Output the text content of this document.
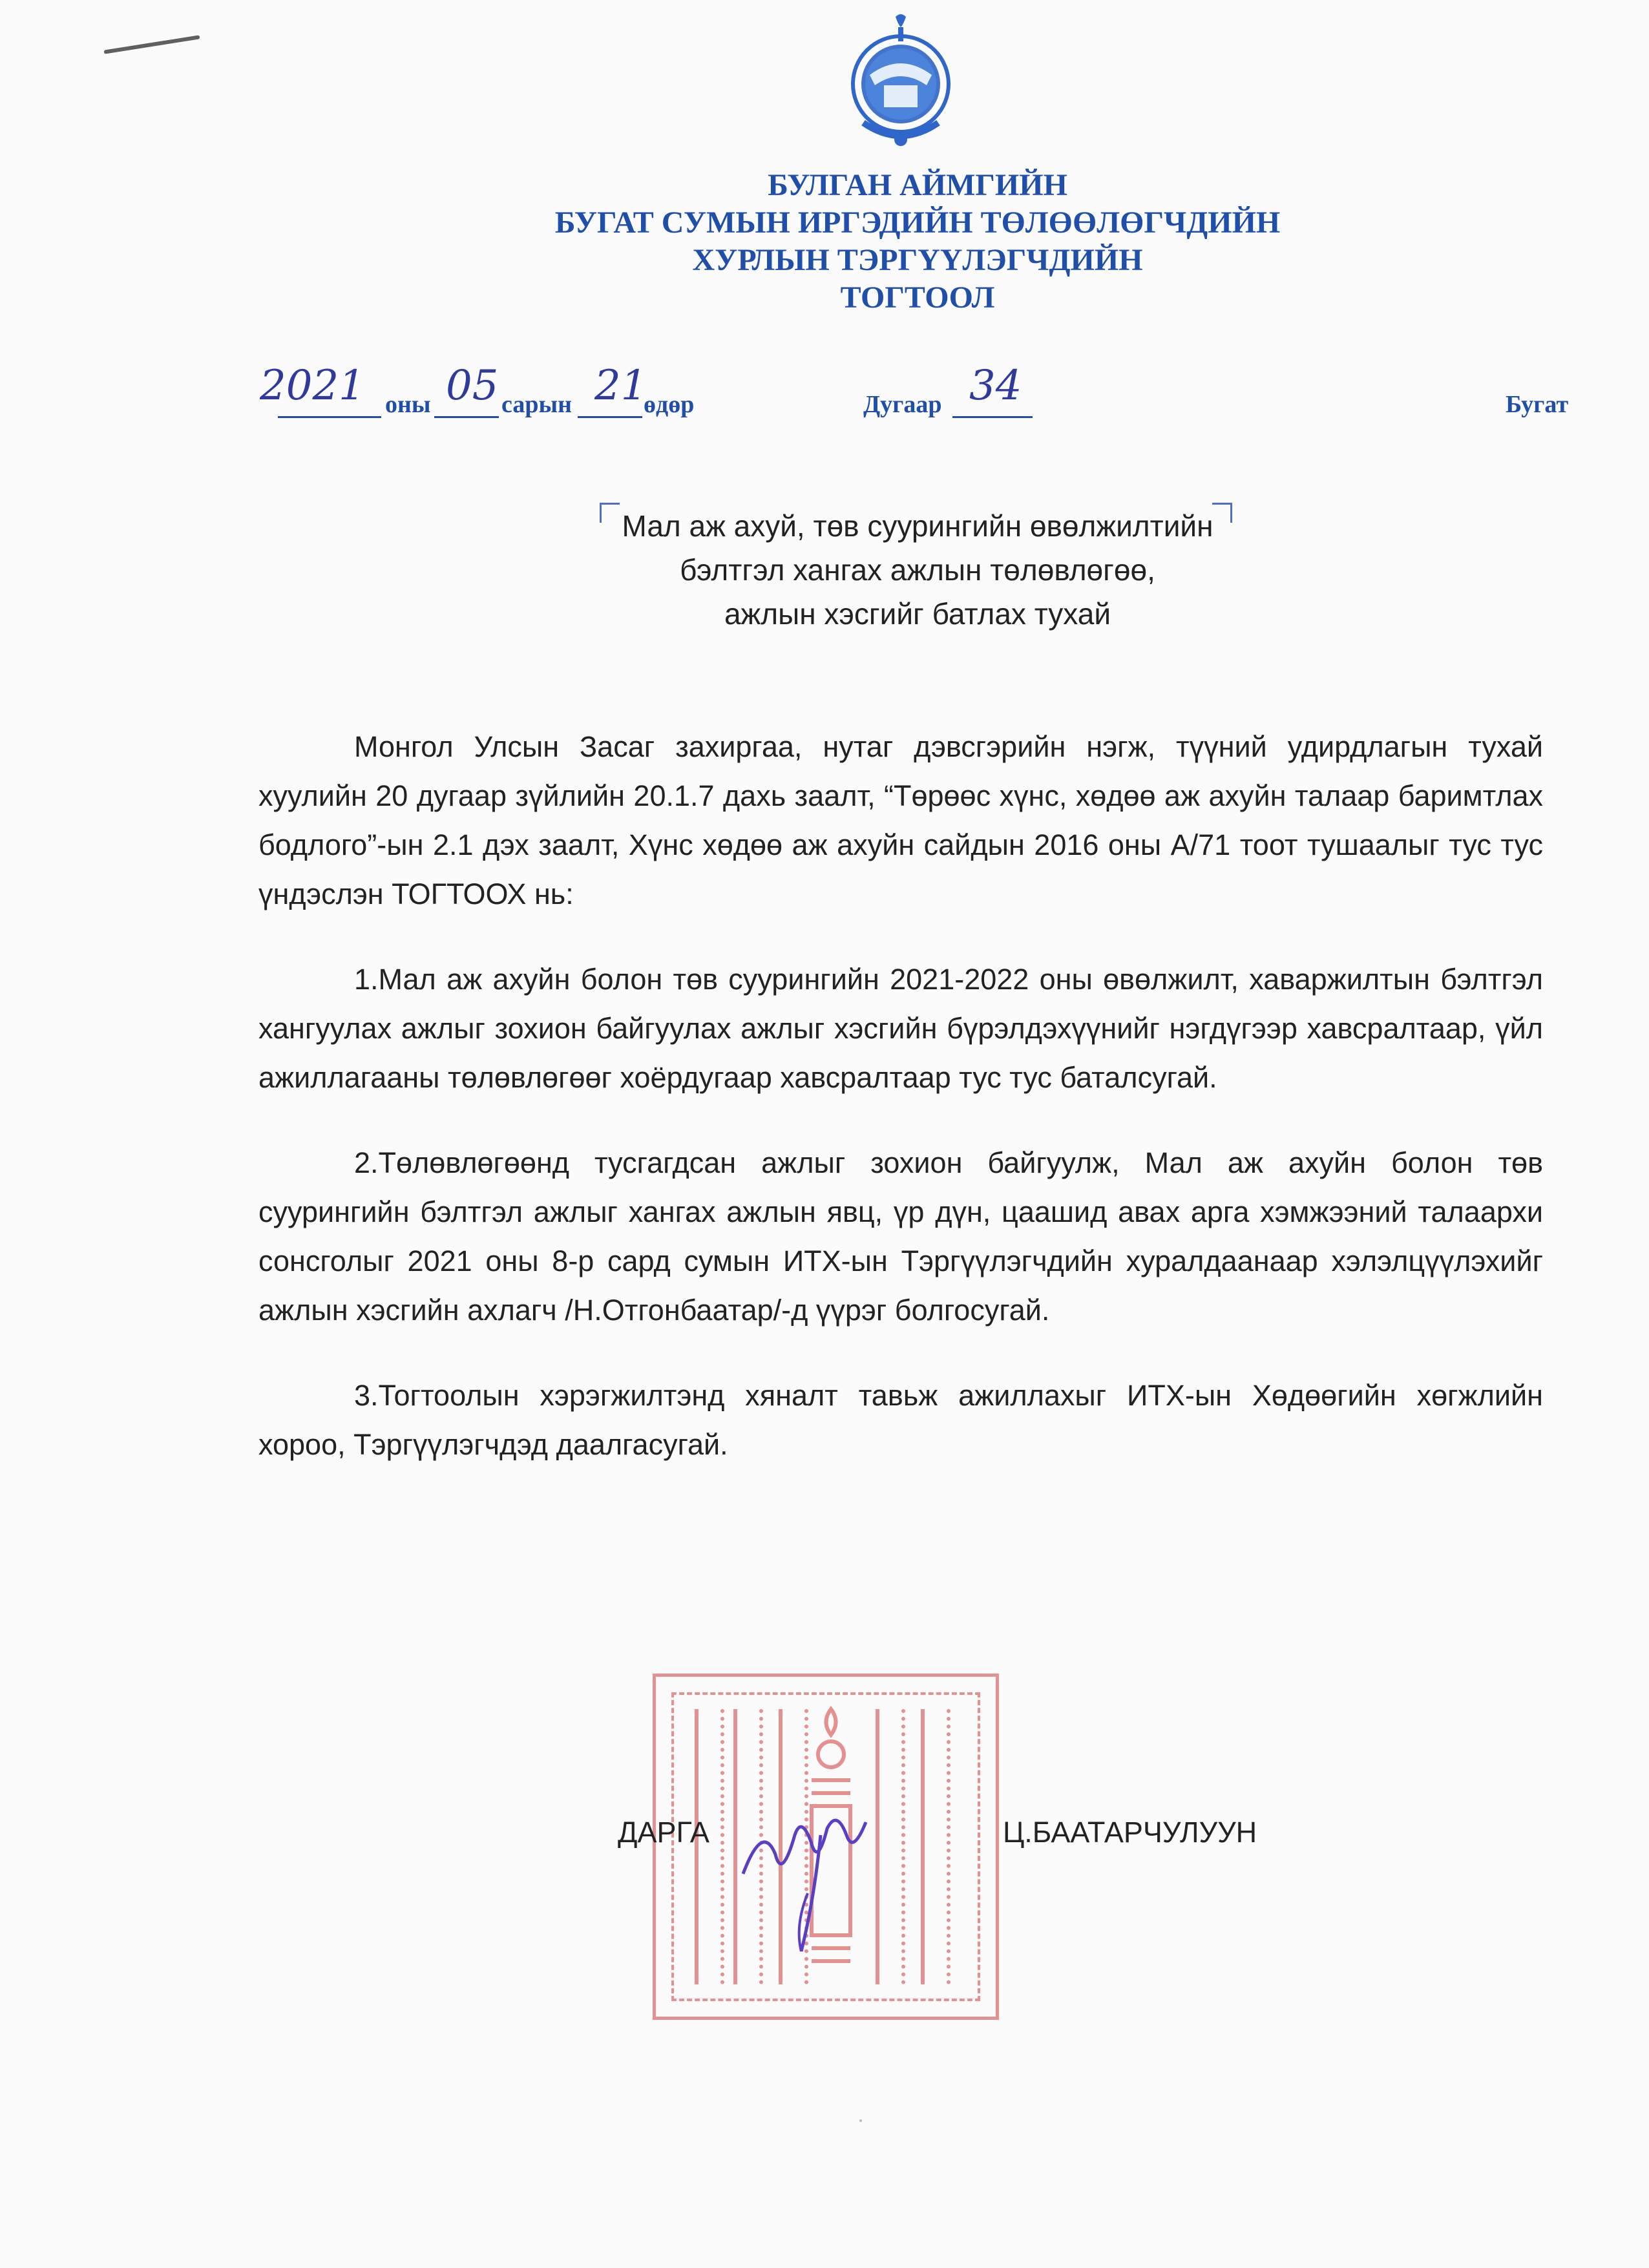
БУЛГАН АЙМГИЙН
БУГАТ СУМЫН ИРГЭДИЙН ТӨЛӨӨЛӨГЧДИЙН
ХУРЛЫН ТЭРГҮҮЛЭГЧДИЙН
ТОГТООЛ
2021 оны 05 сарын 21
өдөр	Дугаар 34	Бугат
Мал аж ахуй, төв суурингийн өвөлжилтийн
бэлтгэл хангах ажлын төлөвлөгөө,
ажлын хэсгийг батлах тухай

Монгол Улсын Засаг захиргаа, нутаг дэвсгэрийн нэгж, түүний удирдлагын тухай хуулийн 20 дугаар зүйлийн 20.1.7 дахь заалт, “Төрөөс хүнс, хөдөө аж ахуйн талаар баримтлах бодлого”-ын 2.1 дэх заалт, Хүнс хөдөө аж ахуйн сайдын 2016 оны А/71 тоот тушаалыг тус тус үндэслэн ТОГТООХ нь:

1.Мал аж ахуйн болон төв суурингийн 2021-2022 оны өвөлжилт, хаваржилтын бэлтгэл хангуулах ажлыг зохион байгуулах ажлыг хэсгийн бүрэлдэхүүнийг нэгдүгээр хавсралтаар, үйл ажиллагааны төлөвлөгөөг хоёрдугаар хавсралтаар тус тус баталсугай.

2.Төлөвлөгөөнд тусгагдсан ажлыг зохион байгуулж, Мал аж ахуйн болон төв суурингийн бэлтгэл ажлыг хангах ажлын явц, үр дүн, цаашид авах арга хэмжээний талаархи сонсголыг 2021 оны 8-р сард сумын ИТХ-ын Тэргүүлэгчдийн хуралдаанаар хэлэлцүүлэхийг ажлын хэсгийн ахлагч /Н.Отгонбаатар/-д үүрэг болгосугай.

3.Тогтоолын хэрэгжилтэнд хяналт тавьж ажиллахыг ИТХ-ын Хөдөөгийн хөгжлийн хороо, Тэргүүлэгчдэд даалгасугай.

ДАРГА	Ц.БААТАРЧУЛУУН
